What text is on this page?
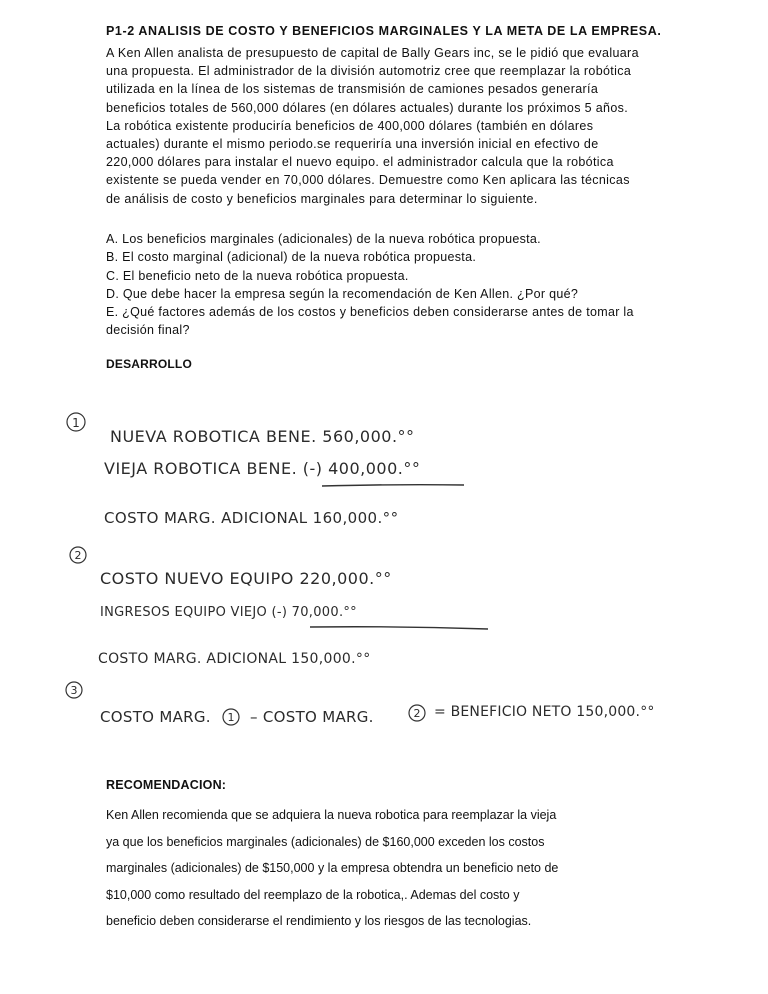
P1-2 ANALISIS DE COSTO Y BENEFICIOS MARGINALES Y LA META DE LA EMPRESA.

A Ken Allen analista de presupuesto de capital de Bally Gears inc, se le pidió que evaluara
una propuesta. El administrador de la división automotriz cree que reemplazar la robótica
utilizada en la línea de los sistemas de transmisión de camiones pesados generaría
beneficios totales de 560,000 dólares (en dólares actuales) durante los próximos 5 años.
La robótica existente produciría beneficios de 400,000 dólares (también en dólares
actuales) durante el mismo periodo.se requeriría una inversión inicial en efectivo de
220,000 dólares para instalar el nuevo equipo. el administrador calcula que la robótica
existente se pueda vender en 70,000 dólares. Demuestre como Ken aplicara las técnicas
de análisis de costo y beneficios marginales para determinar lo siguiente.

A. Los beneficios marginales (adicionales) de la nueva robótica propuesta.
B. El costo marginal (adicional) de la nueva robótica propuesta.
C. El beneficio neto de la nueva robótica propuesta.
D. Que debe hacer la empresa según la recomendación de Ken Allen. ¿Por qué?
E. ¿Qué factores además de los costos y beneficios deben considerarse antes de tomar la
decisión final?

DESARROLLO
1
NUEVA ROBOTICA BENE. 560,000.°°
VIEJA ROBOTICA BENE. (-) 400,000.°°
COSTO MARG. ADICIONAL 160,000.°°
2
COSTO NUEVO EQUIPO 220,000.°°
INGRESOS EQUIPO VIEJO (-) 70,000.°°
COSTO MARG. ADICIONAL 150,000.°°
3
COSTO MARG. 1 – COSTO MARG.	2 = BENEFICIO NETO 150,000.°°
RECOMENDACION:

Ken Allen recomienda que se adquiera la nueva robotica para reemplazar la vieja
ya que los beneficios marginales (adicionales) de $160,000 exceden los costos
marginales (adicionales) de $150,000 y la empresa obtendra un beneficio neto de
$10,000 como resultado del reemplazo de la robotica,. Ademas del costo y
beneficio deben considerarse el rendimiento y los riesgos de las tecnologias.
